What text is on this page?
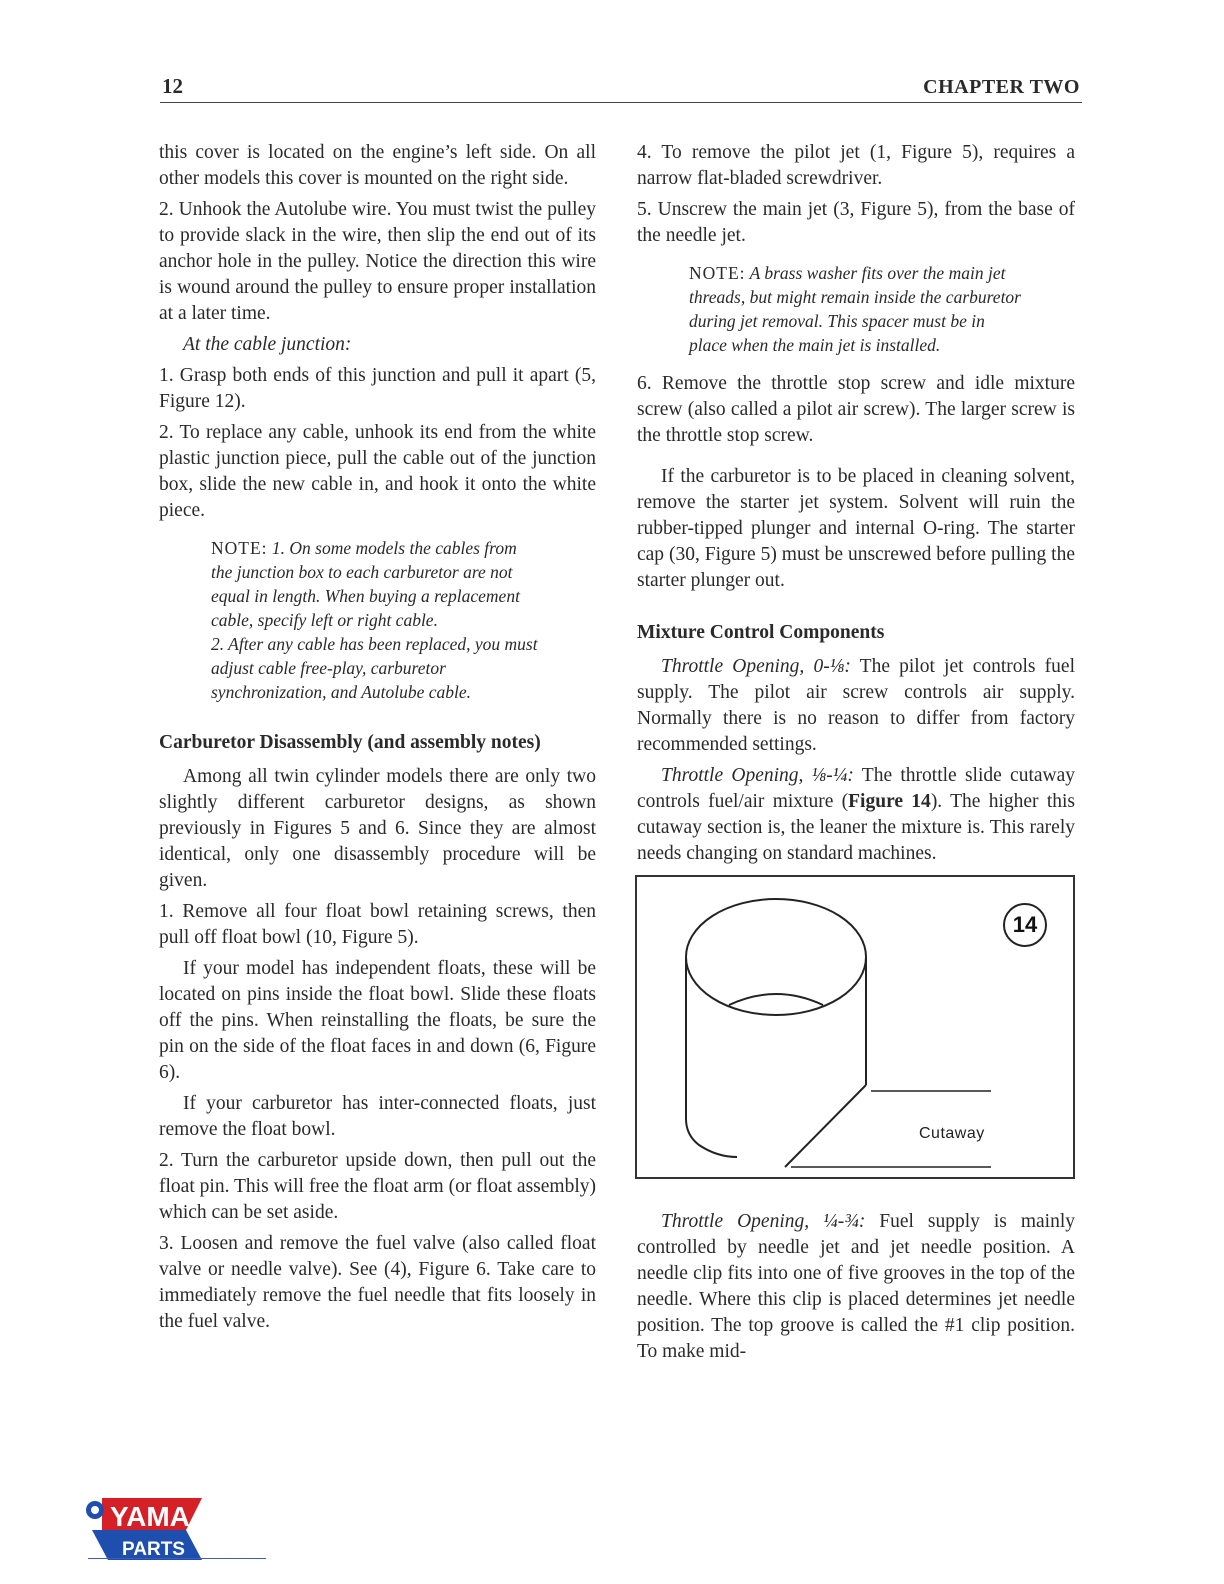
12	CHAPTER TWO

this cover is located on the engine’s left side. On all other models this cover is mounted on the right side.

2. Unhook the Autolube wire. You must twist the pulley to provide slack in the wire, then slip the end out of its anchor hole in the pulley. Notice the direction this wire is wound around the pulley to ensure proper installation at a later time.

At the cable junction:

1. Grasp both ends of this junction and pull it apart (5, Figure 12).

2. To replace any cable, unhook its end from the white plastic junction piece, pull the cable out of the junction box, slide the new cable in, and hook it onto the white piece.

NOTE: 1. On some models the cables from the junction box to each carburetor are not equal in length. When buying a replacement cable, specify left or right cable.

2. After any cable has been replaced, you must adjust cable free-play, carburetor synchronization, and Autolube cable.

Carburetor Disassembly (and assembly notes)

Among all twin cylinder models there are only two slightly different carburetor designs, as shown previously in Figures 5 and 6. Since they are almost identical, only one disassembly procedure will be given.

1. Remove all four float bowl retaining screws, then pull off float bowl (10, Figure 5).

If your model has independent floats, these will be located on pins inside the float bowl. Slide these floats off the pins. When reinstalling the floats, be sure the pin on the side of the float faces in and down (6, Figure 6).

If your carburetor has inter-connected floats, just remove the float bowl.

2. Turn the carburetor upside down, then pull out the float pin. This will free the float arm (or float assembly) which can be set aside.

3. Loosen and remove the fuel valve (also called float valve or needle valve). See (4), Figure 6. Take care to immediately remove the fuel needle that fits loosely in the fuel valve.

4. To remove the pilot jet (1, Figure 5), requires a narrow flat-bladed screwdriver.

5. Unscrew the main jet (3, Figure 5), from the base of the needle jet.

NOTE: A brass washer fits over the main jet threads, but might remain inside the carburetor during jet removal. This spacer must be in place when the main jet is installed.

6. Remove the throttle stop screw and idle mixture screw (also called a pilot air screw). The larger screw is the throttle stop screw.

If the carburetor is to be placed in cleaning solvent, remove the starter jet system. Solvent will ruin the rubber-tipped plunger and internal O-ring. The starter cap (30, Figure 5) must be unscrewed before pulling the starter plunger out.

Mixture Control Components

Throttle Opening, 0-⅛: The pilot jet controls fuel supply. The pilot air screw controls air supply. Normally there is no reason to differ from factory recommended settings.

Throttle Opening, ⅛-¼: The throttle slide cutaway controls fuel/air mixture (Figure 14). The higher this cutaway section is, the leaner the mixture is. This rarely needs changing on standard machines.

14
Cutaway

Throttle Opening, ¼-¾: Fuel supply is mainly controlled by needle jet and jet needle position. A needle clip fits into one of five grooves in the top of the needle. Where this clip is placed determines jet needle position. The top groove is called the #1 clip position. To make mid-

YAMA
PARTS
